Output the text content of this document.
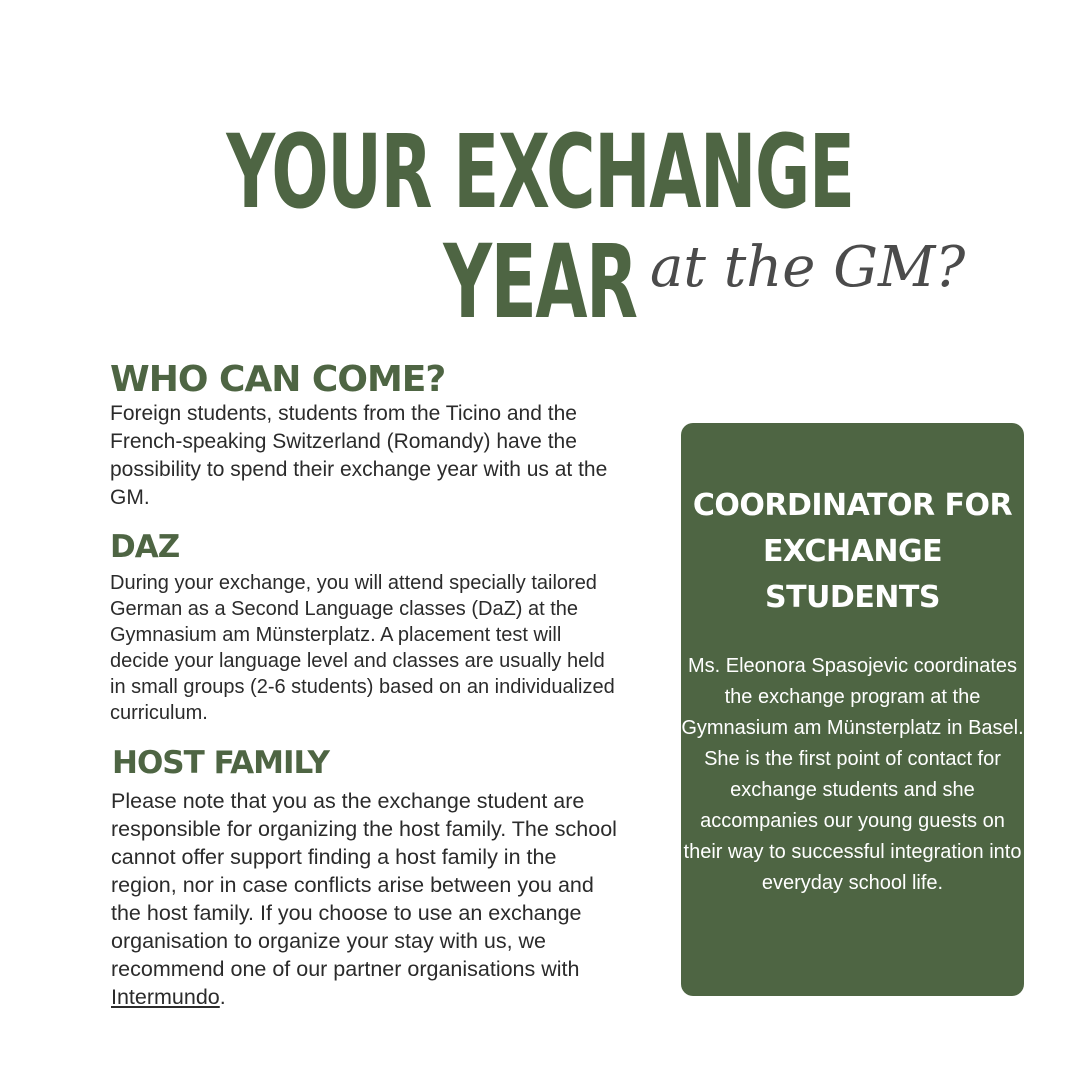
YOUR EXCHANGE YEAR at the GM?
WHO CAN COME?

Foreign students, students from the Ticino and the French-speaking Switzerland (Romandy) have the possibility to spend their exchange year with us at the GM.

DAZ

During your exchange, you will attend specially tailored German as a Second Language classes (DaZ) at the Gymnasium am Münsterplatz. A placement test will decide your language level and classes are usually held in small groups (2-6 students) based on an individualized curriculum.

HOST FAMILY

Please note that you as the exchange student are responsible for organizing the host family. The school cannot offer support finding a host family in the region, nor in case conflicts arise between you and the host family. If you choose to use an exchange organisation to organize your stay with us, we recommend one of our partner organisations with Intermundo.

COORDINATOR FOR EXCHANGE STUDENTS

Ms. Eleonora Spasojevic coordinates the exchange program at the Gymnasium am Münsterplatz in Basel. She is the first point of contact for exchange students and she accompanies our young guests on their way to successful integration into everyday school life.
